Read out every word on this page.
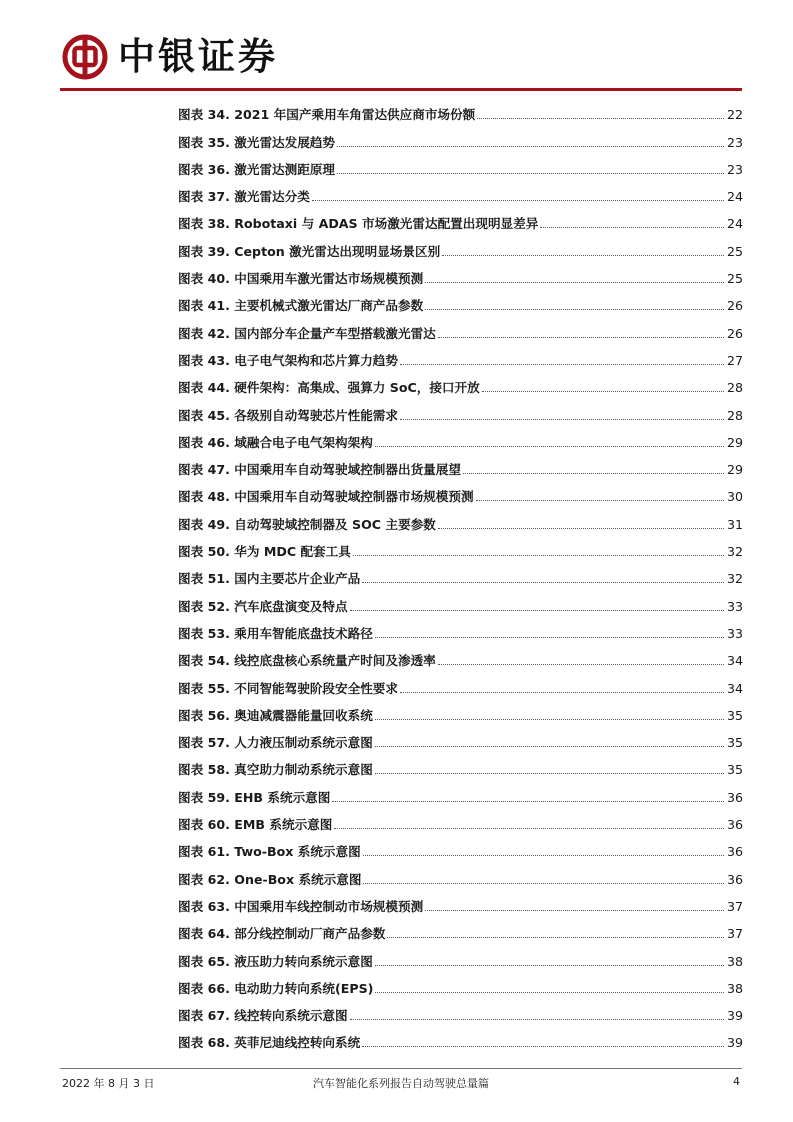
中银证券
图表 34. 2021 年国产乘用车角雷达供应商市场份额	22
图表 35. 激光雷达发展趋势	23
图表 36. 激光雷达测距原理	23
图表 37. 激光雷达分类	24
图表 38. Robotaxi 与 ADAS 市场激光雷达配置出现明显差异	24
图表 39. Cepton 激光雷达出现明显场景区别	25
图表 40. 中国乘用车激光雷达市场规模预测	25
图表 41. 主要机械式激光雷达厂商产品参数	26
图表 42. 国内部分车企量产车型搭载激光雷达	26
图表 43. 电子电气架构和芯片算力趋势	27
图表 44. 硬件架构：高集成、强算力 SoC，接口开放	28
图表 45. 各级别自动驾驶芯片性能需求	28
图表 46. 域融合电子电气架构架构	29
图表 47. 中国乘用车自动驾驶域控制器出货量展望	29
图表 48. 中国乘用车自动驾驶域控制器市场规模预测	30
图表 49. 自动驾驶域控制器及 SOC 主要参数	31
图表 50. 华为 MDC 配套工具	32
图表 51. 国内主要芯片企业产品	32
图表 52. 汽车底盘演变及特点	33
图表 53. 乘用车智能底盘技术路径	33
图表 54. 线控底盘核心系统量产时间及渗透率	34
图表 55. 不同智能驾驶阶段安全性要求	34
图表 56. 奥迪减震器能量回收系统	35
图表 57. 人力液压制动系统示意图	35
图表 58. 真空助力制动系统示意图	35
图表 59. EHB 系统示意图	36
图表 60. EMB 系统示意图	36
图表 61. Two-Box 系统示意图	36
图表 62. One-Box 系统示意图	36
图表 63. 中国乘用车线控制动市场规模预测	37
图表 64. 部分线控制动厂商产品参数	37
图表 65. 液压助力转向系统示意图	38
图表 66. 电动助力转向系统(EPS)	38
图表 67. 线控转向系统示意图	39
图表 68. 英菲尼迪线控转向系统	39
2022 年 8 月 3 日	汽车智能化系列报告自动驾驶总量篇	4
